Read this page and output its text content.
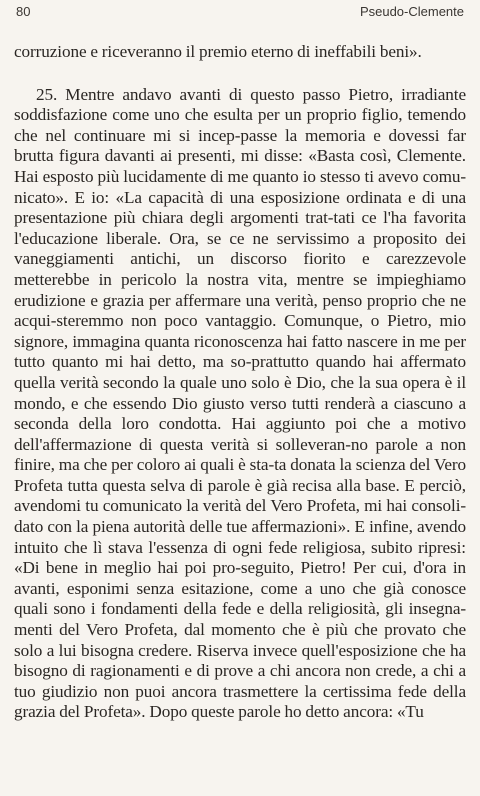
80	Pseudo-Clemente

corruzione e riceveranno il premio eterno di ineffabili beni».

25. Mentre andavo avanti di questo passo Pietro, irradiante soddisfazione come uno che esulta per un proprio figlio, temendo che nel continuare mi si incep-passe la memoria e dovessi far brutta figura davanti ai presenti, mi disse: «Basta così, Clemente. Hai esposto più lucidamente di me quanto io stesso ti avevo comu-nicato». E io: «La capacità di una esposizione ordinata e di una presentazione più chiara degli argomenti trat-tati ce l'ha favorita l'educazione liberale. Ora, se ce ne servissimo a proposito dei vaneggiamenti antichi, un discorso fiorito e carezzevole metterebbe in pericolo la nostra vita, mentre se impieghiamo erudizione e grazia per affermare una verità, penso proprio che ne acqui-steremmo non poco vantaggio. Comunque, o Pietro, mio signore, immagina quanta riconoscenza hai fatto nascere in me per tutto quanto mi hai detto, ma so-prattutto quando hai affermato quella verità secondo la quale uno solo è Dio, che la sua opera è il mondo, e che essendo Dio giusto verso tutti renderà a ciascuno a seconda della loro condotta. Hai aggiunto poi che a motivo dell'affermazione di questa verità si solleveran-no parole a non finire, ma che per coloro ai quali è sta-ta donata la scienza del Vero Profeta tutta questa selva di parole è già recisa alla base. E perciò, avendomi tu comunicato la verità del Vero Profeta, mi hai consoli-dato con la piena autorità delle tue affermazioni». E infine, avendo intuito che lì stava l'essenza di ogni fede religiosa, subito ripresi: «Di bene in meglio hai poi pro-seguito, Pietro! Per cui, d'ora in avanti, esponimi senza esitazione, come a uno che già conosce quali sono i fondamenti della fede e della religiosità, gli insegna-menti del Vero Profeta, dal momento che è più che provato che solo a lui bisogna credere. Riserva invece quell'esposizione che ha bisogno di ragionamenti e di prove a chi ancora non crede, a chi a tuo giudizio non puoi ancora trasmettere la certissima fede della grazia del Profeta». Dopo queste parole ho detto ancora: «Tu
